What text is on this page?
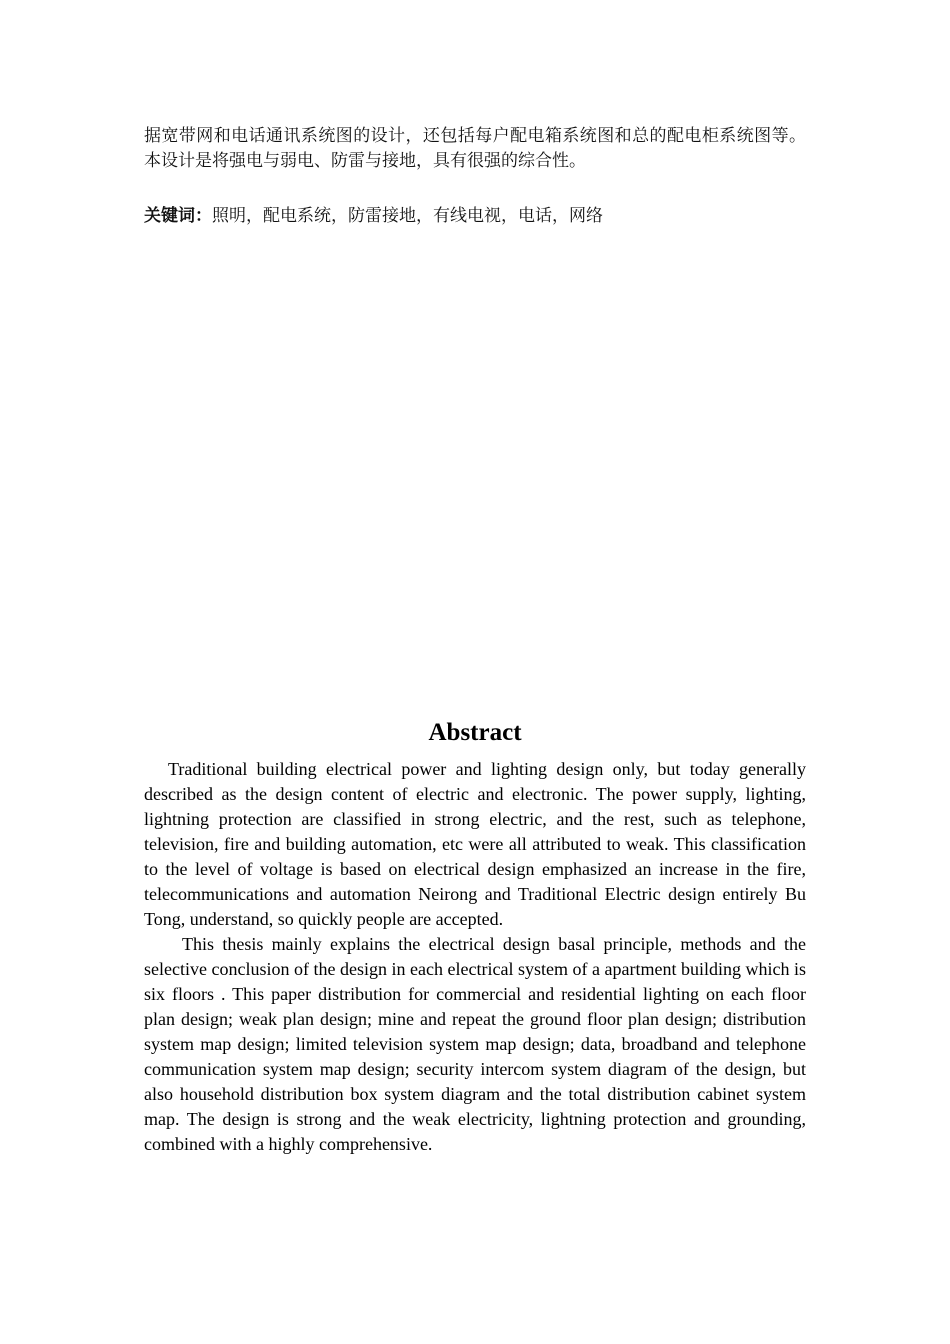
据宽带网和电话通讯系统图的设计，还包括每户配电箱系统图和总的配电柜系统图等。本设计是将强电与弱电、防雷与接地，具有很强的综合性。

关键词：照明，配电系统，防雷接地，有线电视，电话，网络
Abstract

Traditional building electrical power and lighting design only, but today generally described as the design content of electric and electronic. The power supply, lighting, lightning protection are classified in strong electric, and the rest, such as telephone, television, fire and building automation, etc were all attributed to weak. This classification to the level of voltage is based on electrical design emphasized an increase in the fire, telecommunications and automation Neirong and Traditional Electric design entirely Bu Tong, understand, so quickly people are accepted.

This thesis mainly explains the electrical design basal principle, methods and the selective conclusion of the design in each electrical system of a apartment building which is six floors . This paper distribution for commercial and residential lighting on each floor plan design; weak plan design; mine and repeat the ground floor plan design; distribution system map design; limited television system map design; data, broadband and telephone communication system map design; security intercom system diagram of the design, but also household distribution box system diagram and the total distribution cabinet system map. The design is strong and the weak electricity, lightning protection and grounding, combined with a highly comprehensive.
